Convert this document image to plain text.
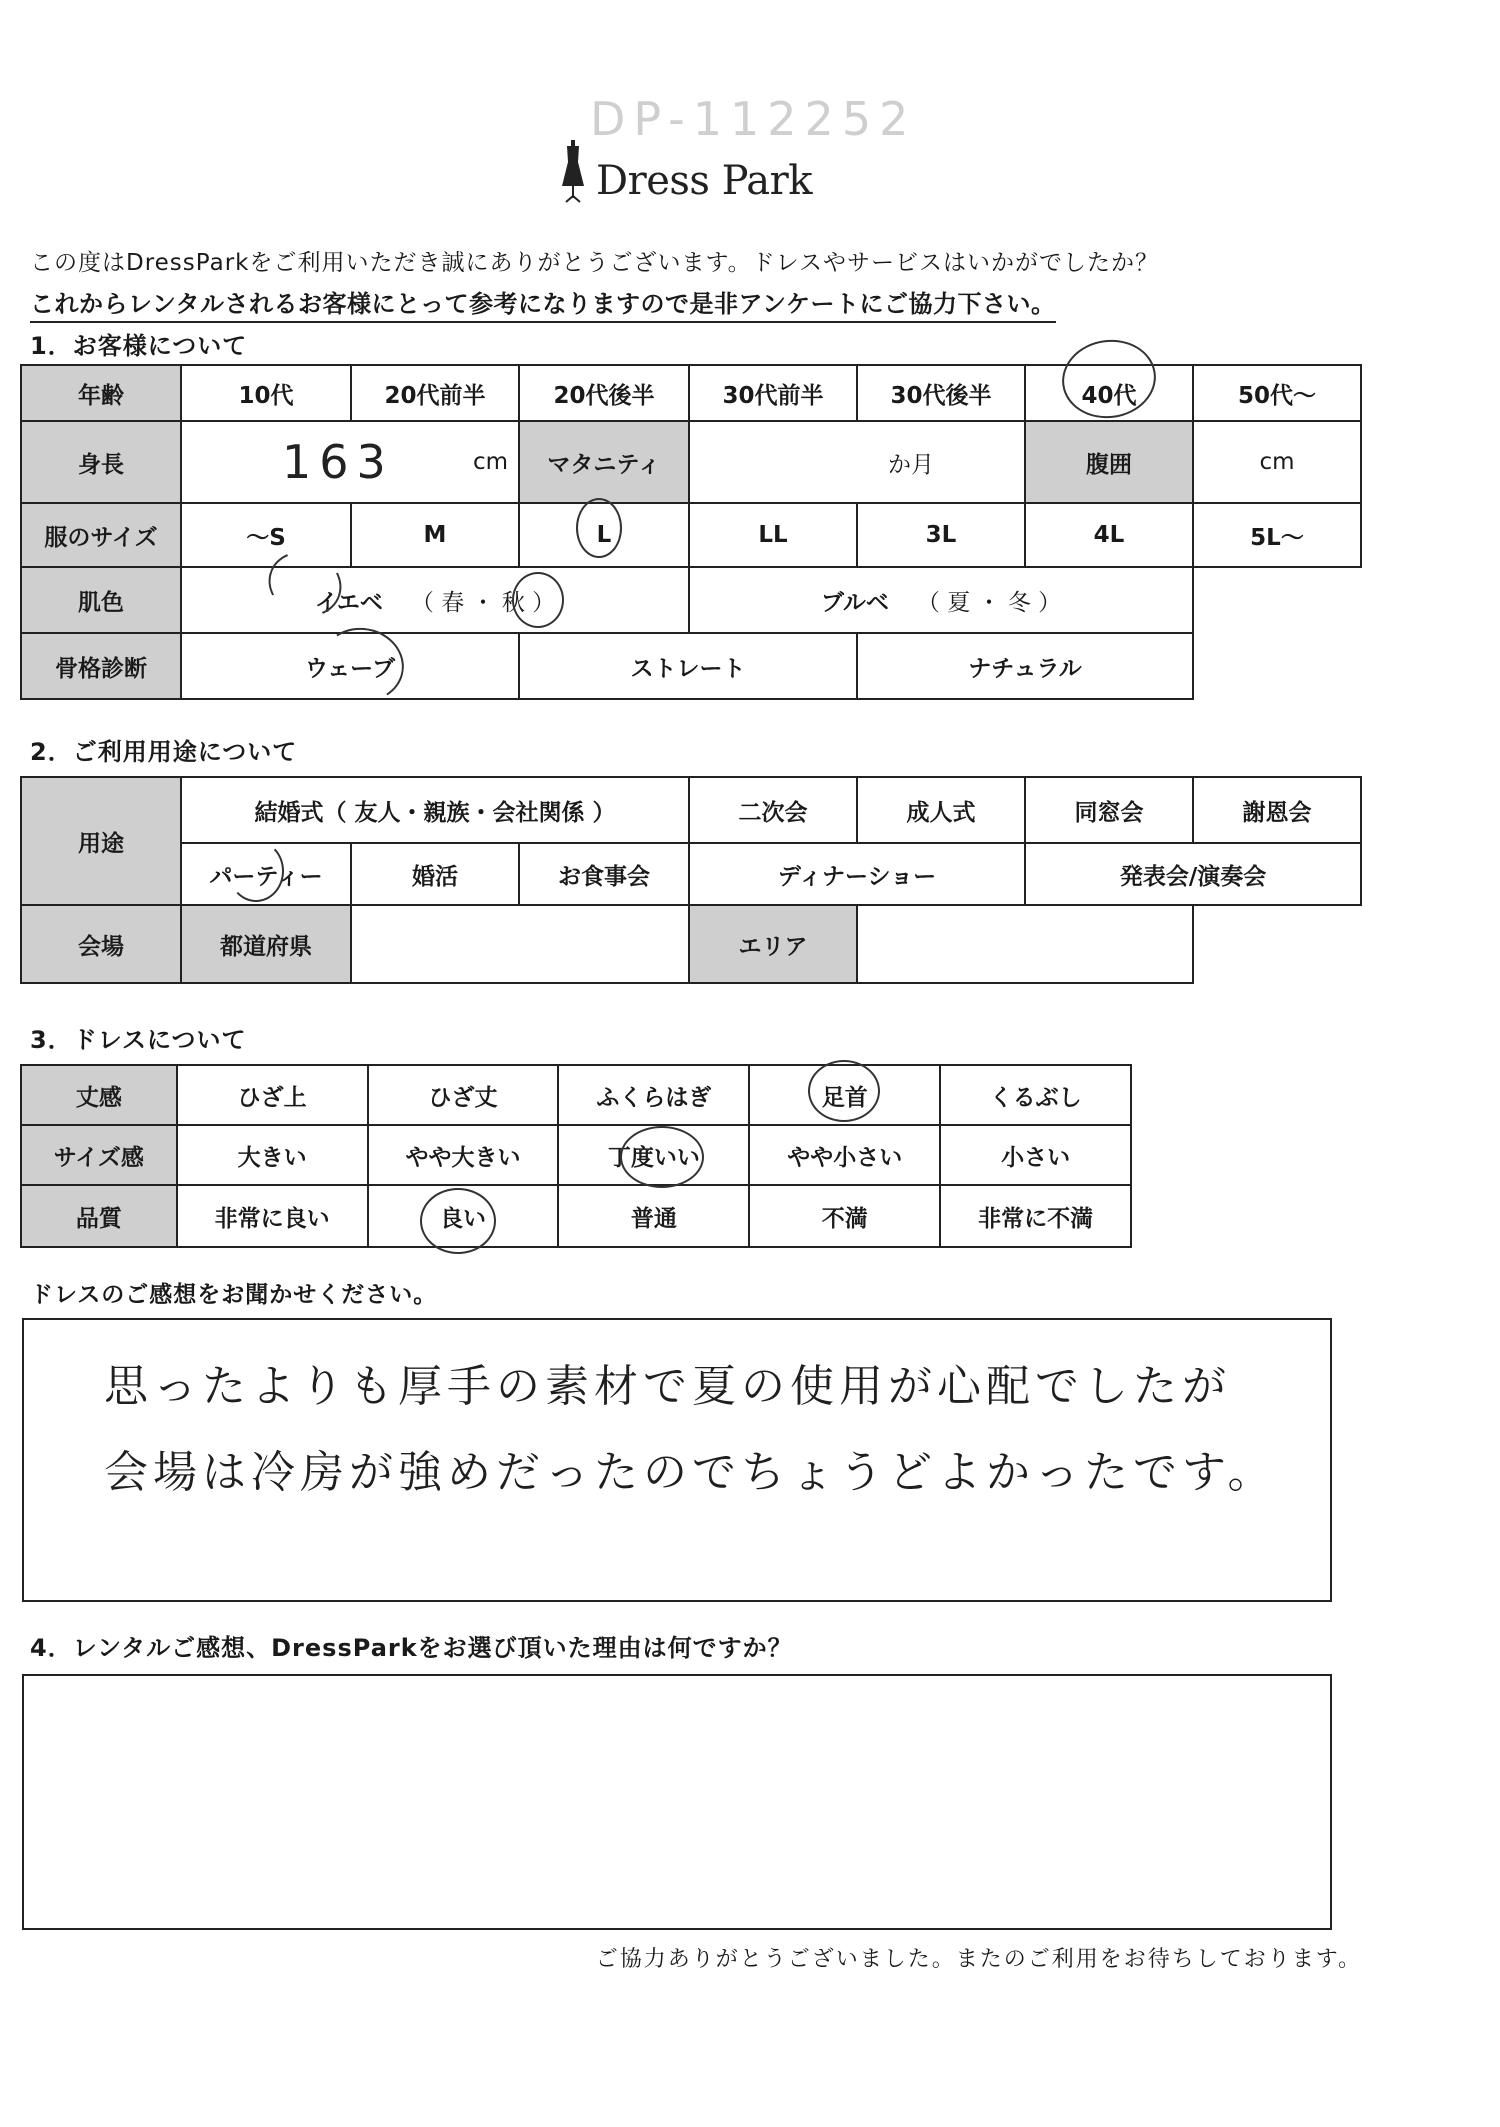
DP-112252
Dress Park
この度はDressParkをご利用いただき誠にありがとうございます。ドレスやサービスはいかがでしたか？
これからレンタルされるお客様にとって参考になりますので是非アンケートにご協力下さい。
1．お客様について
年齢	10代	20代前半	20代後半	30代前半	30代後半	40代	50代～
身長	163 cm		マタニティ	か月		腹囲	cm
服のサイズ	～S	M	L	LL	3L	4L	5L～
肌色	イエベ （ 春 ・ 秋 ）			ブルベ （ 夏 ・ 冬 ）			
骨格診断	ウェーブ		ストレート		ナチュラル		
2．ご利用用途について
用途	結婚式（ 友人・親族・会社関係 ）			二次会	成人式	同窓会	謝恩会
	パーティー	婚活	お食事会	ディナーショー		発表会/演奏会	
会場	都道府県			エリア			
3．ドレスについて
丈感	ひざ上	ひざ丈	ふくらはぎ	足首	くるぶし
サイズ感	大きい	やや大きい	丁度いい	やや小さい	小さい
品質	非常に良い	良い	普通	不満	非常に不満
ドレスのご感想をお聞かせください。
思ったよりも厚手の素材で夏の使用が心配でしたが
会場は冷房が強めだったのでちょうどよかったです。
4．レンタルご感想、DressParkをお選び頂いた理由は何ですか？
ご協力ありがとうございました。またのご利用をお待ちしております。
